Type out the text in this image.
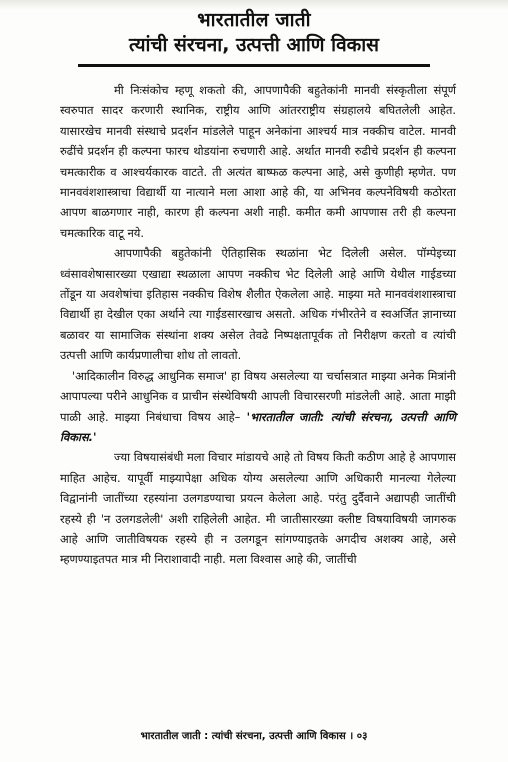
भारतातील जाती
त्यांची संरचना, उत्पत्ती आणि विकास

मी निःसंकोच म्हणू शकतो की, आपणापैकी बहुतेकांनी मानवी संस्कृतीला संपूर्ण स्वरुपात सादर करणारी स्थानिक, राष्ट्रीय आणि आंतरराष्ट्रीय संग्रहालये बघितलेली आहेत. यासारखेच मानवी संस्थाचे प्रदर्शन मांडलेले पाहून अनेकांना आश्चर्य मात्र नक्कीच वाटेल. मानवी रुढींचे प्रदर्शन ही कल्पना फारच थोडयांना रुचणारी आहे. अर्थात मानवी रुढीचे प्रदर्शन ही कल्पना चमत्कारीक व आश्चर्यकारक वाटते. ती अत्यंत बाष्फळ कल्पना आहे, असे कुणीही म्हणेत. पण मानववंशशास्त्राचा विद्यार्थी या नात्याने मला आशा आहे की, या अभिनव कल्पनेविषयी कठोरता आपण बाळगणार नाही, कारण ही कल्पना अशी नाही. कमीत कमी आपणास तरी ही कल्पना चमत्कारिक वाटू नये.

आपणापैकी बहुतेकांनी ऐतिहासिक स्थळांना भेट दिलेली असेल. पॉम्पेइच्या ध्वंसावशेषासारख्या एखाद्या स्थळाला आपण नक्कीच भेट दिलेली आहे आणि येथील गाईडच्या तोंडून या अवशेषांचा इतिहास नक्कीच विशेष शैलीत ऐकलेला आहे. माझ्या मते मानववंशशास्त्राचा विद्यार्थी हा देखील एका अर्थाने त्या गाईडसारखाच असतो. अधिक गंभीरतेने व स्वअर्जित ज्ञानाच्या बळावर या सामाजिक संस्थांना शक्य असेल तेवढे निष्पक्षतापूर्वक तो निरीक्षण करतो व त्यांची उत्पत्ती आणि कार्यप्रणालीचा शोध तो लावतो.

'आदिकालीन विरुद्ध आधुनिक समाज' हा विषय असलेल्या या चर्चासत्रात माझ्या अनेक मित्रांनी आपापल्या परीने आधुनिक व प्राचीन संस्थेविषयी आपली विचारसरणी मांडलेली आहे. आता माझी पाळी आहे. माझ्या निबंधाचा विषय आहे– 'भारतातील जाती: त्यांची संरचना, उत्पत्ती आणि विकास.'

ज्या विषयासंबंधी मला विचार मांडायचे आहे तो विषय किती कठीण आहे हे आपणास माहित आहेच. यापूर्वी माझ्यापेक्षा अधिक योग्य असलेल्या आणि अधिकारी मानल्या गेलेल्या विद्वानांनी जातींच्या रहस्यांना उलगडण्याचा प्रयत्न केलेला आहे. परंतु दुर्दैवाने अद्यापही जातींची रहस्ये ही 'न उलगडलेली' अशी राहिलेली आहेत. मी जातीसारख्या क्लीष्ट विषयाविषयी जागरुक आहे आणि जातीविषयक रहस्ये ही न उलगडून सांगण्याइतके अगदीच अशक्य आहे, असे म्हणण्याइतपत मात्र मी निराशावादी नाही. मला विश्वास आहे की, जातींची

भारतातील जाती : त्यांची संरचना, उत्पत्ती आणि विकास । ०३
